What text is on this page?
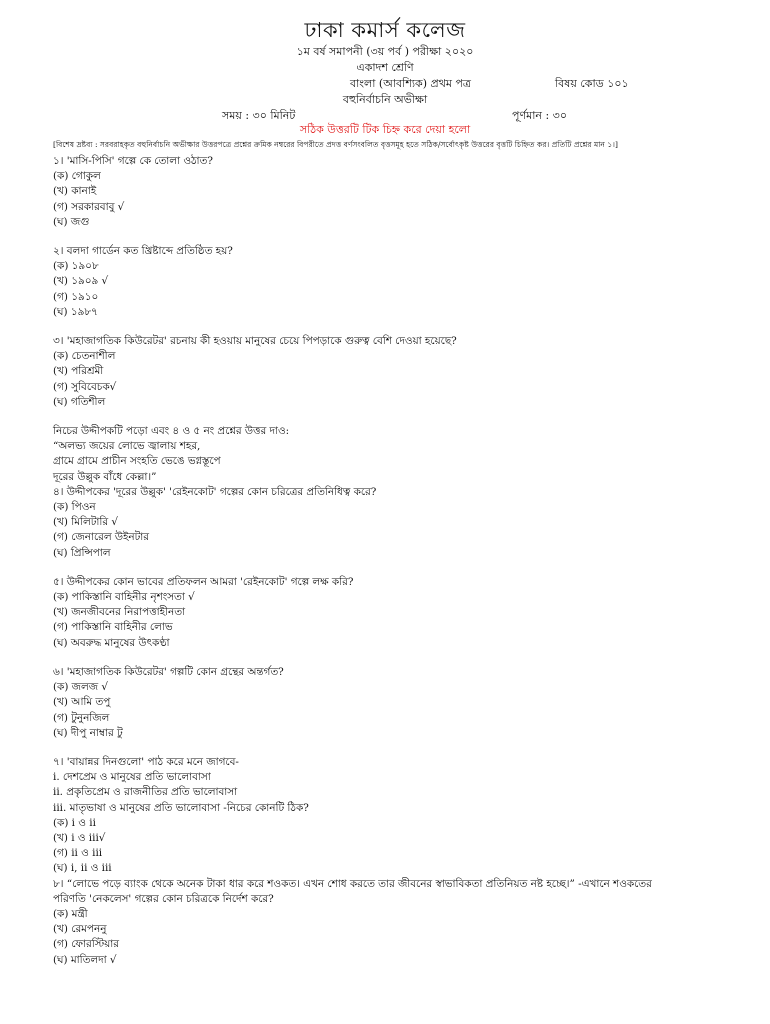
ঢাকা কমার্স কলেজ
১ম বর্ষ সমাপনী (৩য় পর্ব ) পরীক্ষা ২০২০
একাদশ শ্রেণি
বাংলা (আবশ্যিক) প্রথম পত্র	বিষয় কোড ১০১
বহুনির্বাচনি অভীক্ষা
সময় : ৩০ মিনিট	পূর্ণমান : ৩০
সঠিক উত্তরটি টিক চিহ্ন করে দেয়া হলো
[বিশেষ দ্রষ্টব্য : সরবরাহকৃত বহুনির্বাচনি অভীক্ষার উত্তরপত্রে প্রশ্নের ক্রমিক নম্বরের বিপরীতে প্রদত্ত বর্ণসংবলিত বৃত্তসমূহ হতে সঠিক/সর্বোৎকৃষ্ট উত্তরের বৃত্তটি চিহ্নিত কর। প্রতিটি প্রশ্নের মান ১।]
১। 'মাসি-পিসি' গল্পে কে তোলা ওঠাত?
(ক) গোকুল
(খ) কানাই
(গ) সরকারবাবু √
(ঘ) জগু
২। বলদা গার্ডেন কত খ্রিষ্টাব্দে প্রতিষ্ঠিত হয়?
(ক) ১৯০৮
(খ) ১৯০৯ √
(গ) ১৯১০
(ঘ) ১৯৮৭
৩। 'মহাজাগতিক কিউরেটর' রচনায় কী হওয়ায় মানুষের চেয়ে পিপড়াকে গুরুত্ব বেশি দেওয়া হয়েছে?
(ক) চেতনাশীল
(খ) পরিশ্রমী
(গ) সুবিবেচক√
(ঘ) গতিশীল
নিচের উদ্দীপকটি পড়ো এবং ৪ ও ৫ নং প্রশ্নের উত্তর দাও:
“অলভ্য জয়ের লোভে জ্বালায় শহর,
গ্রামে গ্রামে প্রাচীন সংহতি ভেঙে ভগ্নস্তূপে
দূরের উল্লুক বাঁধে কেল্লা।”
৪। উদ্দীপকের 'দূরের উল্লুক' 'রেইনকোট' গল্পের কোন চরিত্রের প্রতিনিধিত্ব করে?
(ক) পিওন
(খ) মিলিটারি √
(গ) জেনারেল উইনটার
(ঘ) প্রিন্সিপাল
৫। উদ্দীপকের কোন ভাবের প্রতিফলন আমরা 'রেইনকোট' গল্পে লক্ষ করি?
(ক) পাকিস্তানি বাহিনীর নৃশংসতা √
(খ) জনজীবনের নিরাপত্তাহীনতা
(গ) পাকিস্তানি বাহিনীর লোভ
(ঘ) অবরুদ্ধ মানুষের উৎকণ্ঠা
৬। 'মহাজাগতিক কিউরেটর' গল্পটি কোন গ্রন্থের অন্তর্গত?
(ক) জলজ √
(খ) আমি তপু
(গ) টুনুনজিল
(ঘ) দীপু নাম্বার টু
৭। 'বায়ান্নর দিনগুলো' পাঠ করে মনে জাগবে-
i. দেশপ্রেম ও মানুষের প্রতি ভালোবাসা
ii. প্রকৃতিপ্রেম ও রাজনীতির প্রতি ভালোবাসা
iii. মাতৃভাষা ও মানুষের প্রতি ভালোবাসা -নিচের কোনটি ঠিক?
(ক) i ও ii
(খ) i ও iii√
(গ) ii ও iii
(ঘ) i, ii ও iii
৮। “লোভে পড়ে ব্যাংক থেকে অনেক টাকা ধার করে শওকত। এখন শোধ করতে তার জীবনের স্বাভাবিকতা প্রতিনিয়ত নষ্ট হচ্ছে।” -এখানে শওকতের
পরিণতি 'নেকলেস' গল্পের কোন চরিত্রকে নির্দেশ করে?
(ক) মন্ত্রী
(খ) রেমপননু
(গ) ফোরস্টিয়ার
(ঘ) মাতিলদা √
